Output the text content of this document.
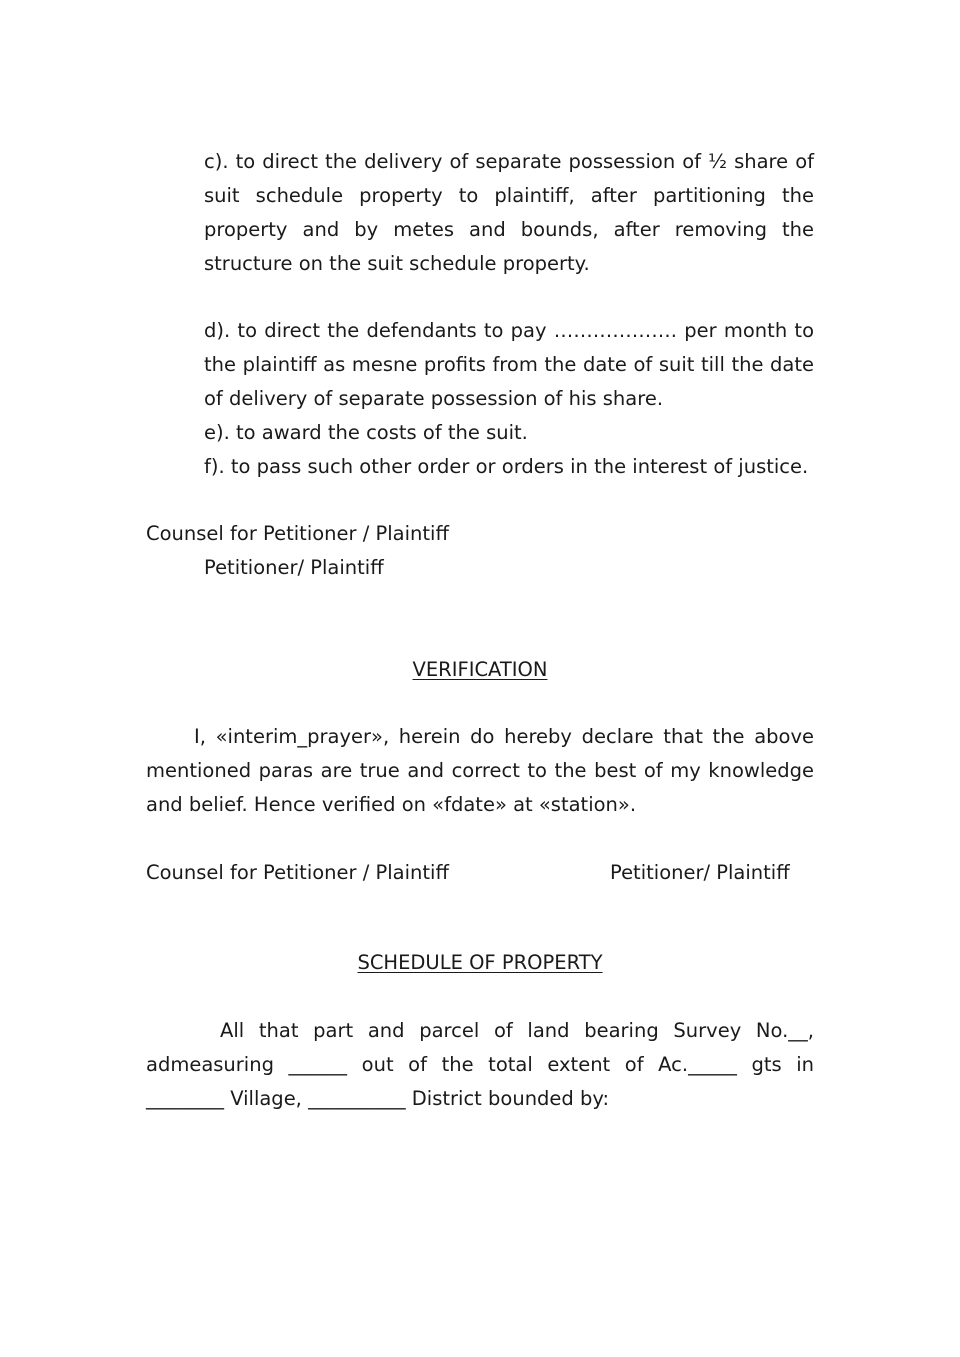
c). to direct the delivery of separate possession of ½ share of suit schedule property to plaintiff, after partitioning the property and by metes and bounds, after removing the structure on the suit schedule property.

d). to direct the defendants to pay ………………. per month to the plaintiff as mesne profits from the date of suit till the date of delivery of separate possession of his share.

e). to award the costs of the suit.

f). to pass such other order or orders in the interest of justice.

Counsel for Petitioner / Plaintiff
Petitioner/ Plaintiff
VERIFICATION

I, «interim_prayer», herein do hereby declare that the above mentioned paras are true and correct to the best of my knowledge and belief. Hence verified on «fdate» at «station».

Counsel for Petitioner / Plaintiff	Petitioner/ Plaintiff
SCHEDULE OF PROPERTY

All that part and parcel of land bearing Survey No.__, admeasuring ______ out of the total extent of Ac._____ gts in ________ Village, __________ District bounded by:
